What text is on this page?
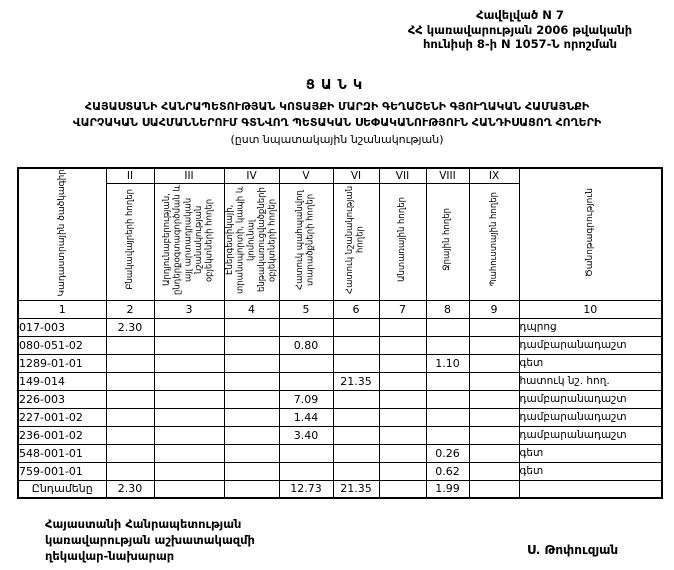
Հավելված N 7
ՀՀ կառավարության 2006 թվականի
հունիսի 8-ի N 1057-Ն որոշման
ՑԱՆԿ
ՀԱՅԱՍՏԱՆԻ ՀԱՆՐԱՊԵՏՈՒԹՅԱՆ ԿՈՏԱՅՔԻ ՄԱՐԶԻ ԳԵՂԱՇԵՆԻ ԳՅՈՒՂԱԿԱՆ ՀԱՄԱՅՆՔԻ
ՎԱՐՉԱԿԱՆ ՍԱՀՄԱՆՆԵՐՈՒՄ ԳՏՆՎՈՂ ՊԵՏԱԿԱՆ ՍԵՓԱԿԱՆՈՒԹՅՈՒՆ ՀԱՆԴԻՍԱՑՈՂ ՀՈՂԵՐԻ
(ըստ նպատակային նշանակության)
Կադաստրային ծածկագիր	II	III	IV	V	VI	VII	VIII	IX	Ծանոթագրություն
	Բնակավայրերի հողեր	Արդյունաբերության, ընդերքօգտագործման և այլ արտադրական նշանակության օբյեկտների հողեր	Էներգետիկայի, տրանսպորտի, կապի և կոմունալ ենթակառուցվածքների օբյեկտների հողեր	Հատուկ պահպանվող տարածքների հողեր	Հատուկ նշանակության հողեր	Անտառային հողեր	Ջրային հողեր	Պահուստային հողեր	
1	2	3	4	5	6	7	8	9	10
017-003	2.30								դպրոց
080-051-02				0.80					դամբարանադաշտ
1289-01-01							1.10		գետ
149-014					21.35				հատուկ նշ. հող.
226-003				7.09					դամբարանադաշտ
227-001-02				1.44					դամբարանադաշտ
236-001-02				3.40					դամբարանադաշտ
548-001-01							0.26		գետ
759-001-01							0.62		գետ
Ընդամենը	2.30			12.73	21.35		1.99		
Հայաստանի Հանրապետության
կառավարության աշխատակազմի
ղեկավար-նախարար	Ս. Թոփուզյան
